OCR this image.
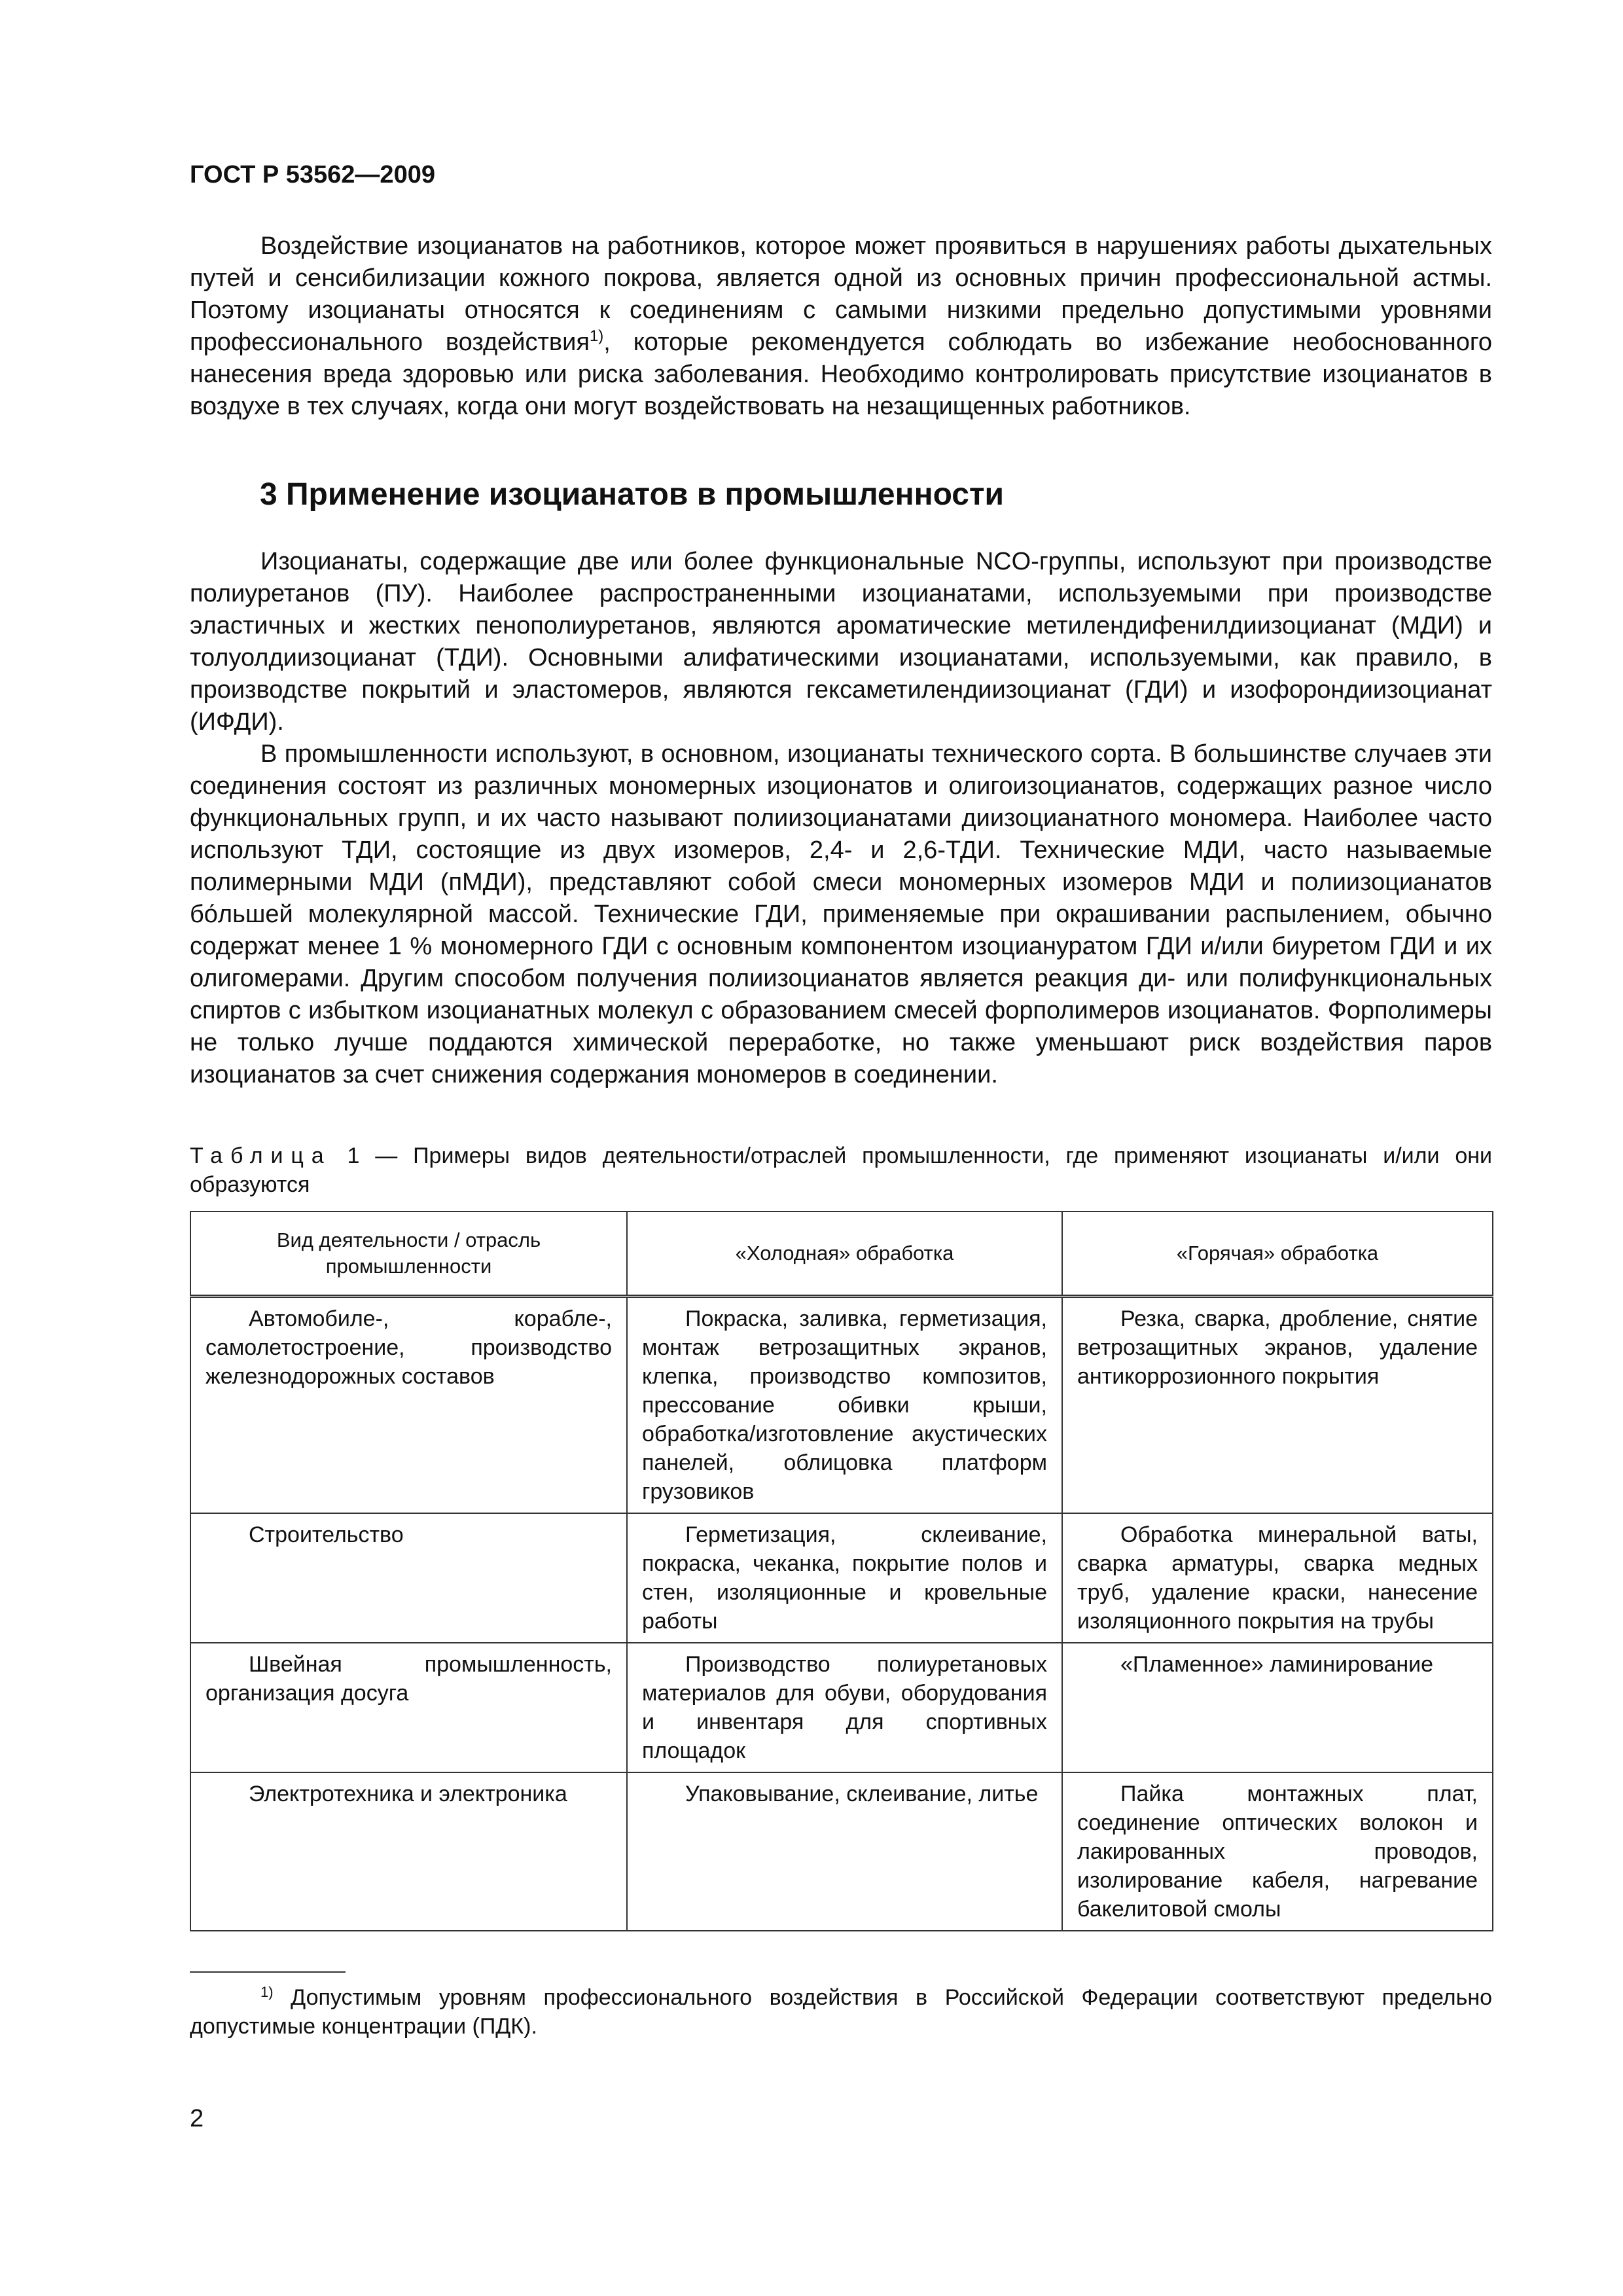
ГОСТ Р 53562—2009

Воздействие изоцианатов на работников, которое может проявиться в нарушениях работы дыхательных путей и сенсибилизации кожного покрова, является одной из основных причин профессиональной астмы. Поэтому изоцианаты относятся к соединениям с самыми низкими предельно допустимыми уровнями профессионального воздействия$^{1)}$, которые рекомендуется соблюдать во избежание необоснованного нанесения вреда здоровью или риска заболевания. Необходимо контролировать присутствие изоцианатов в воздухе в тех случаях, когда они могут воздействовать на незащищенных работников.

3 Применение изоцианатов в промышленности

Изоцианаты, содержащие две или более функциональные NCO-группы, используют при производстве полиуретанов (ПУ). Наиболее распространенными изоцианатами, используемыми при производстве эластичных и жестких пенополиуретанов, являются ароматические метилендифенилдиизоцианат (МДИ) и толуолдиизоцианат (ТДИ). Основными алифатическими изоцианатами, используемыми, как правило, в производстве покрытий и эластомеров, являются гексаметилендиизоцианат (ГДИ) и изофорондиизоцианат (ИФДИ).

В промышленности используют, в основном, изоцианаты технического сорта. В большинстве случаев эти соединения состоят из различных мономерных изоционатов и олигоизоцианатов, содержащих разное число функциональных групп, и их часто называют полиизоцианатами диизоцианатного мономера. Наиболее часто используют ТДИ, состоящие из двух изомеров, 2,4- и 2,6-ТДИ. Технические МДИ, часто называемые полимерными МДИ (пМДИ), представляют собой смеси мономерных изомеров МДИ и полиизоцианатов бо́льшей молекулярной массой. Технические ГДИ, применяемые при окрашивании распылением, обычно содержат менее 1 % мономерного ГДИ с основным компонентом изоциануратом ГДИ и/или биуретом ГДИ и их олигомерами. Другим способом получения полиизоцианатов является реакция ди- или полифункциональных спиртов с избытком изоцианатных молекул с образованием смесей форполимеров изоцианатов. Форполимеры не только лучше поддаются химической переработке, но также уменьшают риск воздействия паров изоцианатов за счет снижения содержания мономеров в соединении.

Таблица 1 — Примеры видов деятельности/отраслей промышленности, где применяют изоцианаты и/или они образуются

Вид деятельности / отрасль промышленности	«Холодная» обработка	«Горячая» обработка
Автомобиле-, корабле-, самолетостроение, производство железнодорожных составов	Покраска, заливка, герметизация, монтаж ветрозащитных экранов, клепка, производство композитов, прессование обивки крыши, обработка/изготовление акустических панелей, облицовка платформ грузовиков	Резка, сварка, дробление, снятие ветрозащитных экранов, удаление антикоррозионного покрытия
Строительство	Герметизация, склеивание, покраска, чеканка, покрытие полов и стен, изоляционные и кровельные работы	Обработка минеральной ваты, сварка арматуры, сварка медных труб, удаление краски, нанесение изоляционного покрытия на трубы
Швейная промышленность, организация досуга	Производство полиуретановых материалов для обуви, оборудования и инвентаря для спортивных площадок	«Пламенное» ламинирование
Электротехника и электроника	Упаковывание, склеивание, литье	Пайка монтажных плат, соединение оптических волокон и лакированных проводов, изолирование кабеля, нагревание бакелитовой смолы

$^{1)}$ Допустимым уровням профессионального воздействия в Российской Федерации соответствуют предельно допустимые концентрации (ПДК).

2
